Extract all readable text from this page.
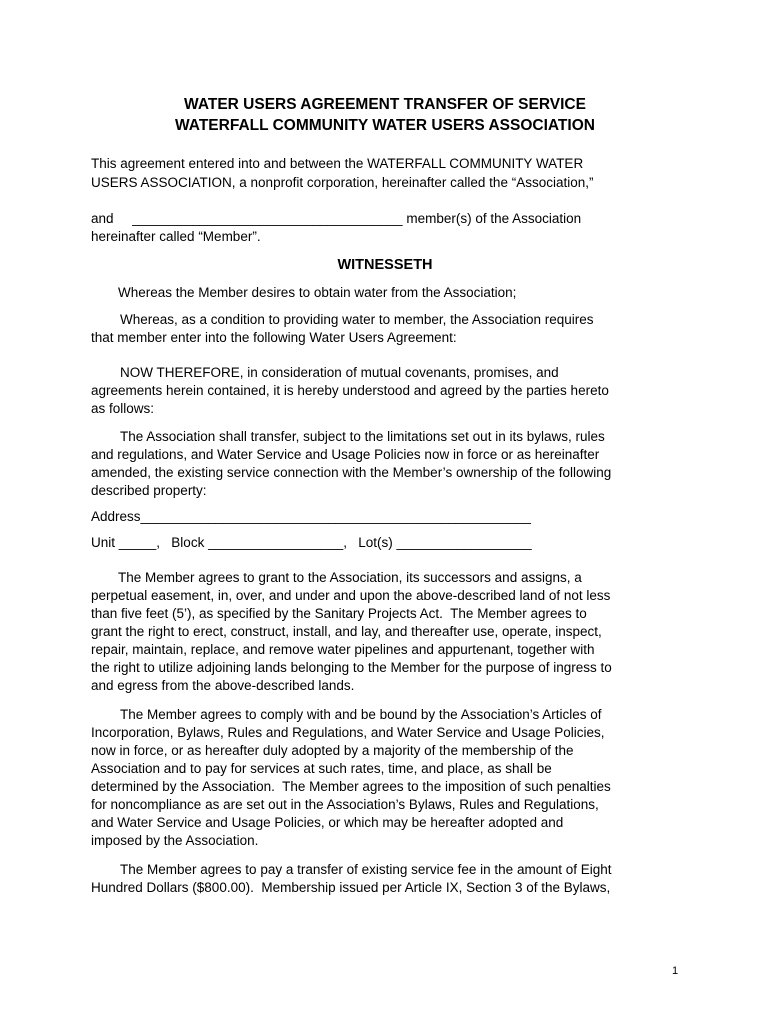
WATER USERS AGREEMENT TRANSFER OF SERVICE
WATERFALL COMMUNITY WATER USERS ASSOCIATION
This agreement entered into and between the WATERFALL COMMUNITY WATER
USERS ASSOCIATION, a nonprofit corporation, hereinafter called the “Association,”
and     ____________________________________ member(s) of the Association
hereinafter called “Member”.
WITNESSETH
Whereas the Member desires to obtain water from the Association;
Whereas, as a condition to providing water to member, the Association requires
that member enter into the following Water Users Agreement:
NOW THEREFORE, in consideration of mutual covenants, promises, and
agreements herein contained, it is hereby understood and agreed by the parties hereto
as follows:
The Association shall transfer, subject to the limitations set out in its bylaws, rules
and regulations, and Water Service and Usage Policies now in force or as hereinafter
amended, the existing service connection with the Member’s ownership of the following
described property:
Address____________________________________________________
Unit _____,   Block __________________,   Lot(s) __________________
The Member agrees to grant to the Association, its successors and assigns, a
perpetual easement, in, over, and under and upon the above-described land of not less
than five feet (5’), as specified by the Sanitary Projects Act.  The Member agrees to
grant the right to erect, construct, install, and lay, and thereafter use, operate, inspect,
repair, maintain, replace, and remove water pipelines and appurtenant, together with
the right to utilize adjoining lands belonging to the Member for the purpose of ingress to
and egress from the above-described lands.
The Member agrees to comply with and be bound by the Association’s Articles of
Incorporation, Bylaws, Rules and Regulations, and Water Service and Usage Policies,
now in force, or as hereafter duly adopted by a majority of the membership of the
Association and to pay for services at such rates, time, and place, as shall be
determined by the Association.  The Member agrees to the imposition of such penalties
for noncompliance as are set out in the Association’s Bylaws, Rules and Regulations,
and Water Service and Usage Policies, or which may be hereafter adopted and
imposed by the Association.
The Member agrees to pay a transfer of existing service fee in the amount of Eight
Hundred Dollars ($800.00).  Membership issued per Article IX, Section 3 of the Bylaws,
1
